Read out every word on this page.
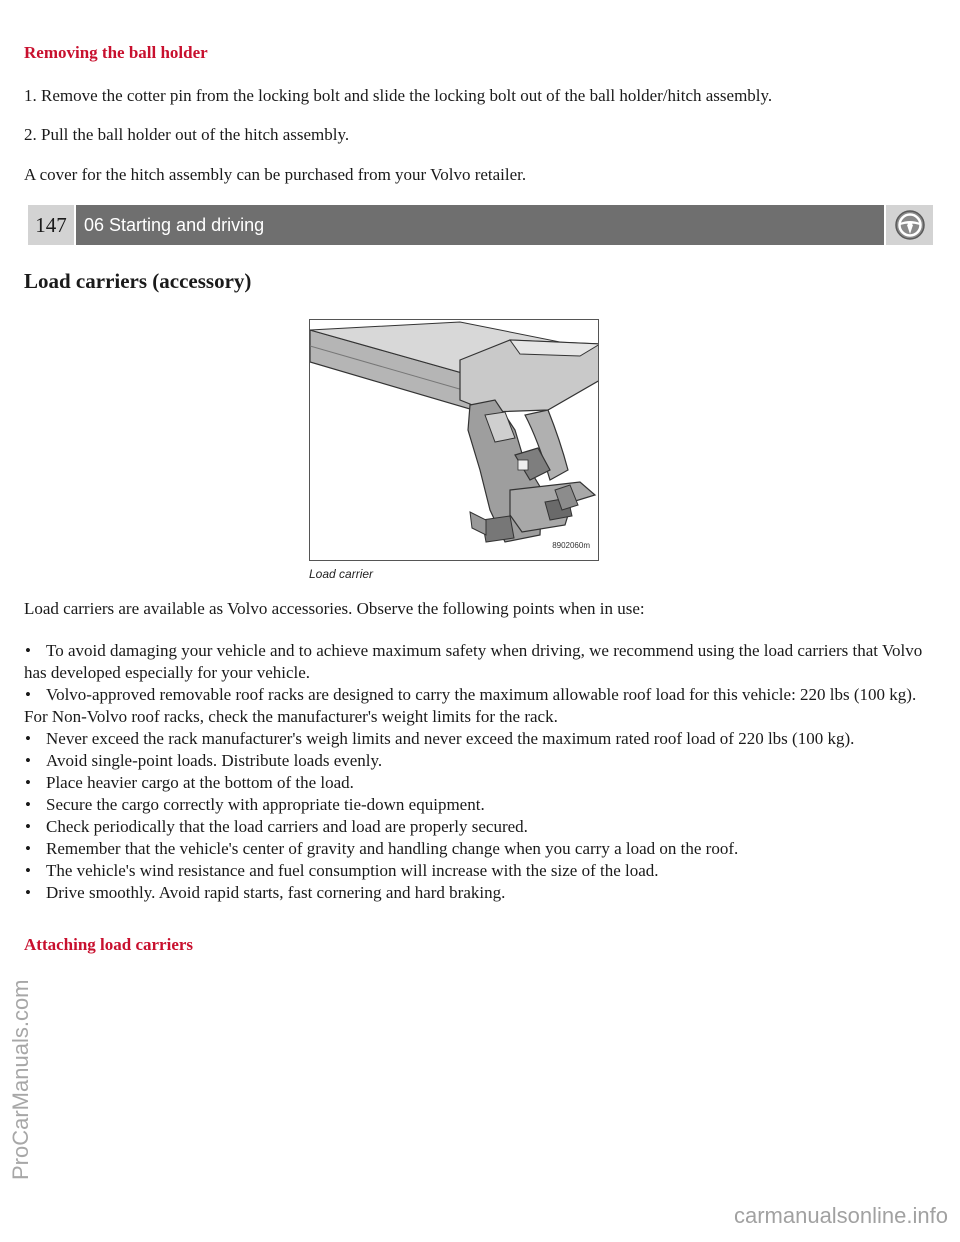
Removing the ball holder
1. Remove the cotter pin from the locking bolt and slide the locking bolt out of the ball holder/hitch assembly.
2. Pull the ball holder out of the hitch assembly.
A cover for the hitch assembly can be purchased from your Volvo retailer.
147 06 Starting and driving
Load carriers (accessory)
Load carriers are available as Volvo accessories. Observe the following points when in use:
• To avoid damaging your vehicle and to achieve maximum safety when driving, we recommend using the load carriers that Volvo has developed especially for your vehicle.
• Volvo-approved removable roof racks are designed to carry the maximum allowable roof load for this vehicle: 220 lbs (100 kg). For Non-Volvo roof racks, check the manufacturer's weight limits for the rack.
• Never exceed the rack manufacturer's weigh limits and never exceed the maximum rated roof load of 220 lbs (100 kg).
• Avoid single-point loads. Distribute loads evenly.
• Place heavier cargo at the bottom of the load.
• Secure the cargo correctly with appropriate tie-down equipment.
• Check periodically that the load carriers and load are properly secured.
• Remember that the vehicle's center of gravity and handling change when you carry a load on the roof.
• The vehicle's wind resistance and fuel consumption will increase with the size of the load.
• Drive smoothly. Avoid rapid starts, fast cornering and hard braking.
Attaching load carriers
8902060m
Load carrier
ProCarManuals.com
carmanualsonline.info
